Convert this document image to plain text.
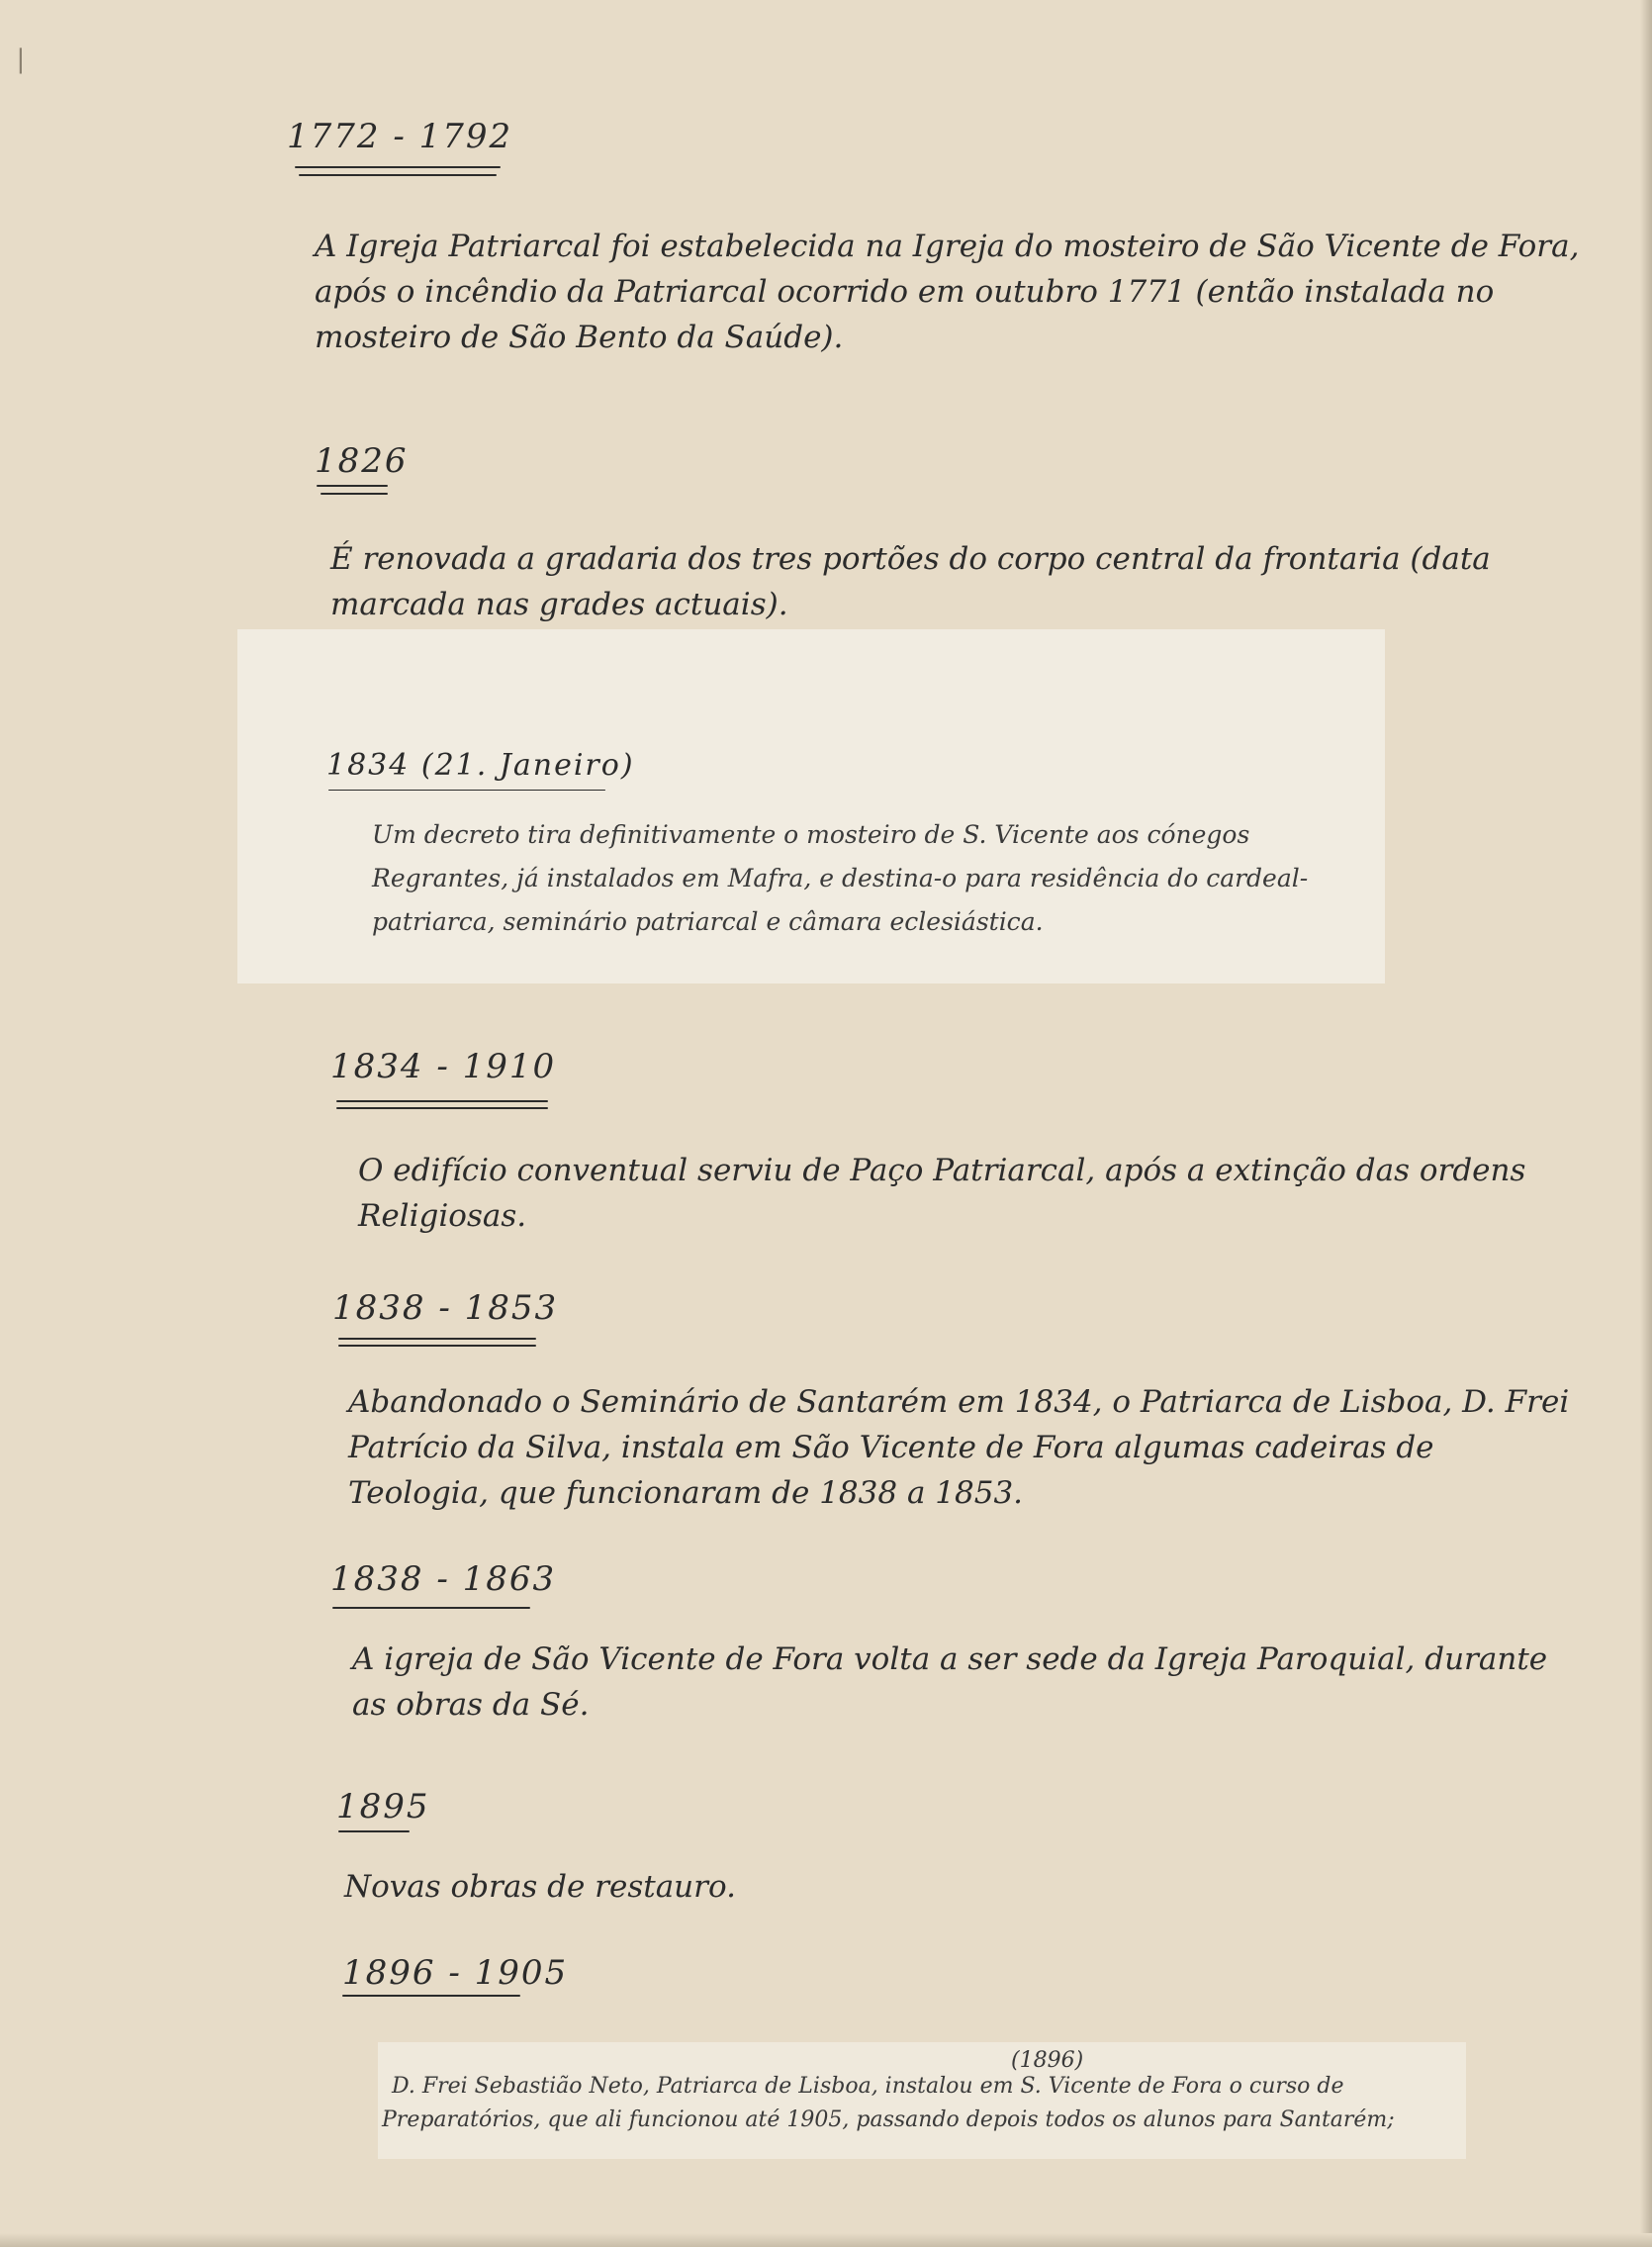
▏
1772 - 1792

A Igreja Patriarcal foi estabelecida na Igreja do mosteiro de São Vicente de Fora, após o incêndio da Patriarcal ocorrido em outubro 1771 (então instalada no mosteiro de São Bento da Saúde).

1826

É renovada a gradaria dos tres portões do corpo central da frontaria (data marcada nas grades actuais).

1834 (21. Janeiro)

Um decreto tira definitivamente o mosteiro de S. Vicente aos cónegos Regrantes, já instalados em Mafra, e destina-o para residência do cardeal-patriarca, seminário patriarcal e câmara eclesiástica.

1834 - 1910

O edifício conventual serviu de Paço Patriarcal, após a extinção das ordens Religiosas.

1838 - 1853

Abandonado o Seminário de Santarém em 1834, o Patriarca de Lisboa, D. Frei Patrício da Silva, instala em São Vicente de Fora algumas cadeiras de Teologia, que funcionaram de 1838 a 1853.

1838 - 1863

A igreja de São Vicente de Fora volta a ser sede da Igreja Paroquial, durante as obras da Sé.

1895

Novas obras de restauro.

1896 - 1905
(1896)

D. Frei Sebastião Neto, Patriarca de Lisboa, instalou em S. Vicente de Fora o curso de

Preparatórios, que ali funcionou até 1905, passando depois todos os alunos para Santarém;
